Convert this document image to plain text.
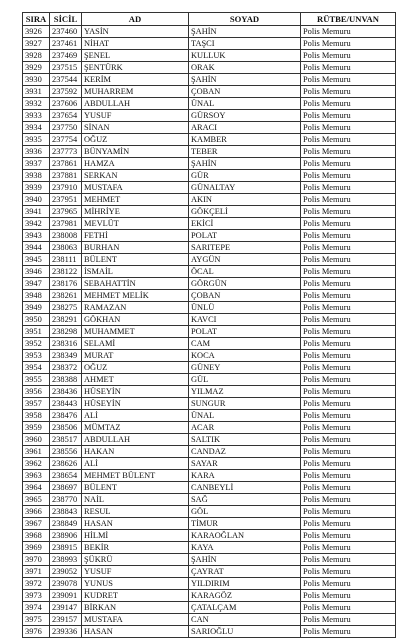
SIRA	SİCİL	AD	SOYAD	RÜTBE/UNVAN
3926	237460	YASİN	ŞAHİN	Polis Memuru
3927	237461	NİHAT	TAŞCI	Polis Memuru
3928	237469	ŞENEL	KULLUK	Polis Memuru
3929	237515	ŞENTÜRK	ORAK	Polis Memuru
3930	237544	KERİM	ŞAHİN	Polis Memuru
3931	237592	MUHARREM	ÇOBAN	Polis Memuru
3932	237606	ABDULLAH	ÜNAL	Polis Memuru
3933	237654	YUSUF	GÜRSOY	Polis Memuru
3934	237750	SİNAN	ARACI	Polis Memuru
3935	237754	OĞUZ	KAMBER	Polis Memuru
3936	237773	BÜNYAMİN	TEBER	Polis Memuru
3937	237861	HAMZA	ŞAHİN	Polis Memuru
3938	237881	SERKAN	GÜR	Polis Memuru
3939	237910	MUSTAFA	GÜNALTAY	Polis Memuru
3940	237951	MEHMET	AKIN	Polis Memuru
3941	237965	MİHRİYE	GÖKÇELİ	Polis Memuru
3942	237981	MEVLÜT	EKİCİ	Polis Memuru
3943	238008	FETHİ	POLAT	Polis Memuru
3944	238063	BURHAN	SARITEPE	Polis Memuru
3945	238111	BÜLENT	AYGÜN	Polis Memuru
3946	238122	İSMAİL	ÖCAL	Polis Memuru
3947	238176	SEBAHATTİN	GÖRGÜN	Polis Memuru
3948	238261	MEHMET MELİK	ÇOBAN	Polis Memuru
3949	238275	RAMAZAN	ÜNLÜ	Polis Memuru
3950	238291	GÖKHAN	KAVCI	Polis Memuru
3951	238298	MUHAMMET	POLAT	Polis Memuru
3952	238316	SELAMİ	CAM	Polis Memuru
3953	238349	MURAT	KOCA	Polis Memuru
3954	238372	OĞUZ	GÜNEY	Polis Memuru
3955	238388	AHMET	GÜL	Polis Memuru
3956	238436	HÜSEYİN	YILMAZ	Polis Memuru
3957	238443	HÜSEYİN	SUNGUR	Polis Memuru
3958	238476	ALİ	ÜNAL	Polis Memuru
3959	238506	MÜMTAZ	ACAR	Polis Memuru
3960	238517	ABDULLAH	SALTIK	Polis Memuru
3961	238556	HAKAN	CANDAZ	Polis Memuru
3962	238626	ALİ	SAYAR	Polis Memuru
3963	238654	MEHMET BÜLENT	KARA	Polis Memuru
3964	238697	BÜLENT	CANBEYLİ	Polis Memuru
3965	238770	NAİL	SAĞ	Polis Memuru
3966	238843	RESUL	GÖL	Polis Memuru
3967	238849	HASAN	TİMUR	Polis Memuru
3968	238906	HİLMİ	KARAOĞLAN	Polis Memuru
3969	238915	BEKİR	KAYA	Polis Memuru
3970	238993	ŞÜKRÜ	ŞAHİN	Polis Memuru
3971	239052	YUSUF	ÇAYRAT	Polis Memuru
3972	239078	YUNUS	YILDIRIM	Polis Memuru
3973	239091	KUDRET	KARAGÖZ	Polis Memuru
3974	239147	BİRKAN	ÇATALÇAM	Polis Memuru
3975	239157	MUSTAFA	CAN	Polis Memuru
3976	239336	HASAN	SARIOĞLU	Polis Memuru
